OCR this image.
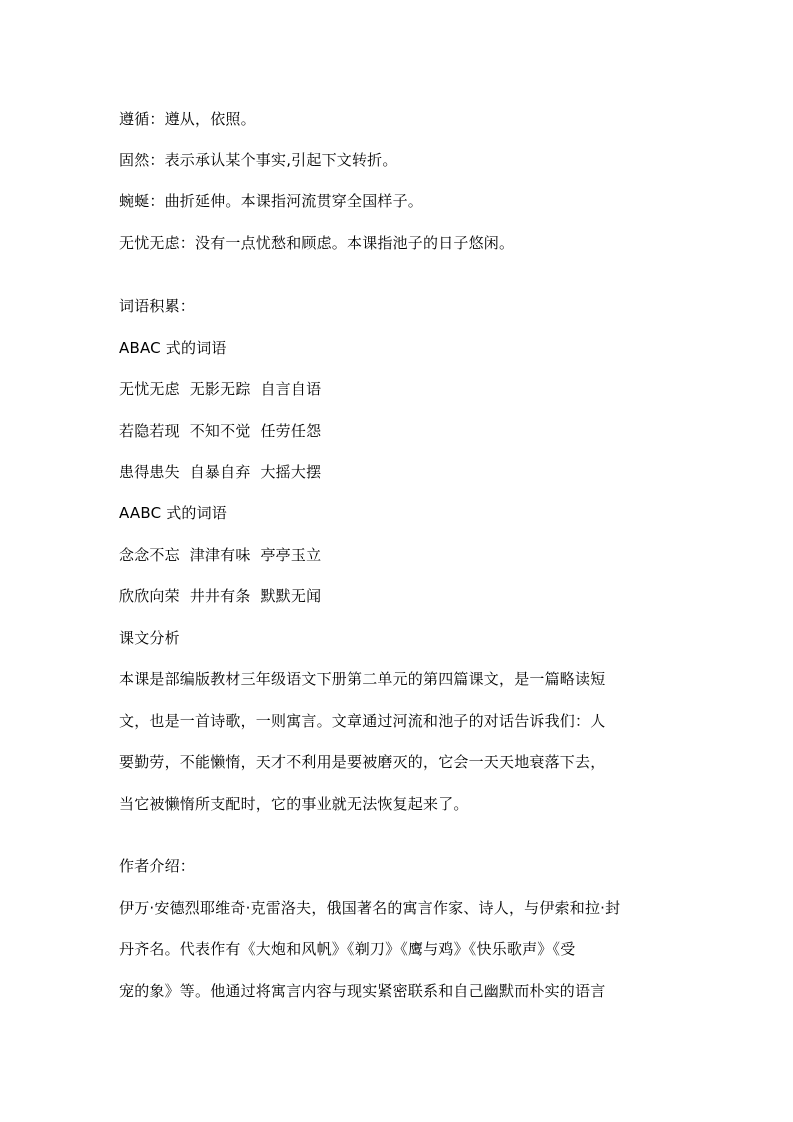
遵循：遵从，依照。
固然：表示承认某个事实,引起下文转折。
蜿蜒：曲折延伸。本课指河流贯穿全国样子。
无忧无虑：没有一点忧愁和顾虑。本课指池子的日子悠闲。
词语积累：
ABAC 式的词语
无忧无虑  无影无踪  自言自语
若隐若现  不知不觉  任劳任怨
患得患失  自暴自弃  大摇大摆
AABC 式的词语
念念不忘  津津有味  亭亭玉立
欣欣向荣  井井有条  默默无闻
课文分析
本课是部编版教材三年级语文下册第二单元的第四篇课文，是一篇略读短
文，也是一首诗歌，一则寓言。文章通过河流和池子的对话告诉我们：人
要勤劳，不能懒惰，天才不利用是要被磨灭的，它会一天天地衰落下去，
当它被懒惰所支配时，它的事业就无法恢复起来了。
作者介绍：
伊万·安德烈耶维奇·克雷洛夫，俄国著名的寓言作家、诗人，与伊索和拉·封
丹齐名。代表作有《大炮和风帆》《剃刀》《鹰与鸡》《快乐歌声》《受
宠的象》等。他通过将寓言内容与现实紧密联系和自己幽默而朴实的语言
